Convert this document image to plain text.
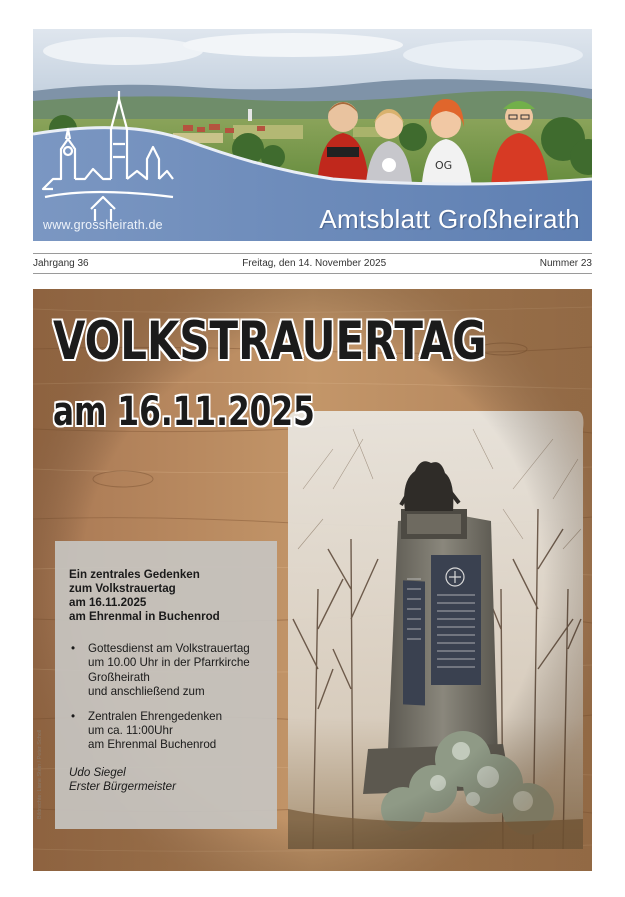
OG
www.grossheirath.de	Amtsblatt Großheirath
Jahrgang 36	Freitag, den 14. November 2025	Nummer 23
VOLKSTRAUERTAG
am 16.11.2025
Ein zentrales Gedenken
zum Volkstrauertag
am 16.11.2025
am Ehrenmal in Buchenrod
• Gottesdienst am Volkstrauertag
um 10.00 Uhr in der Pfarrkirche
Großheirath
und anschließend zum
• Zentralen Ehrengedenken
um ca. 11:00Uhr
am Ehrenmal Buchenrod
Udo Siegel
Erster Bürgermeister
Bildrechte: Liane Stein / Peter Scholl
